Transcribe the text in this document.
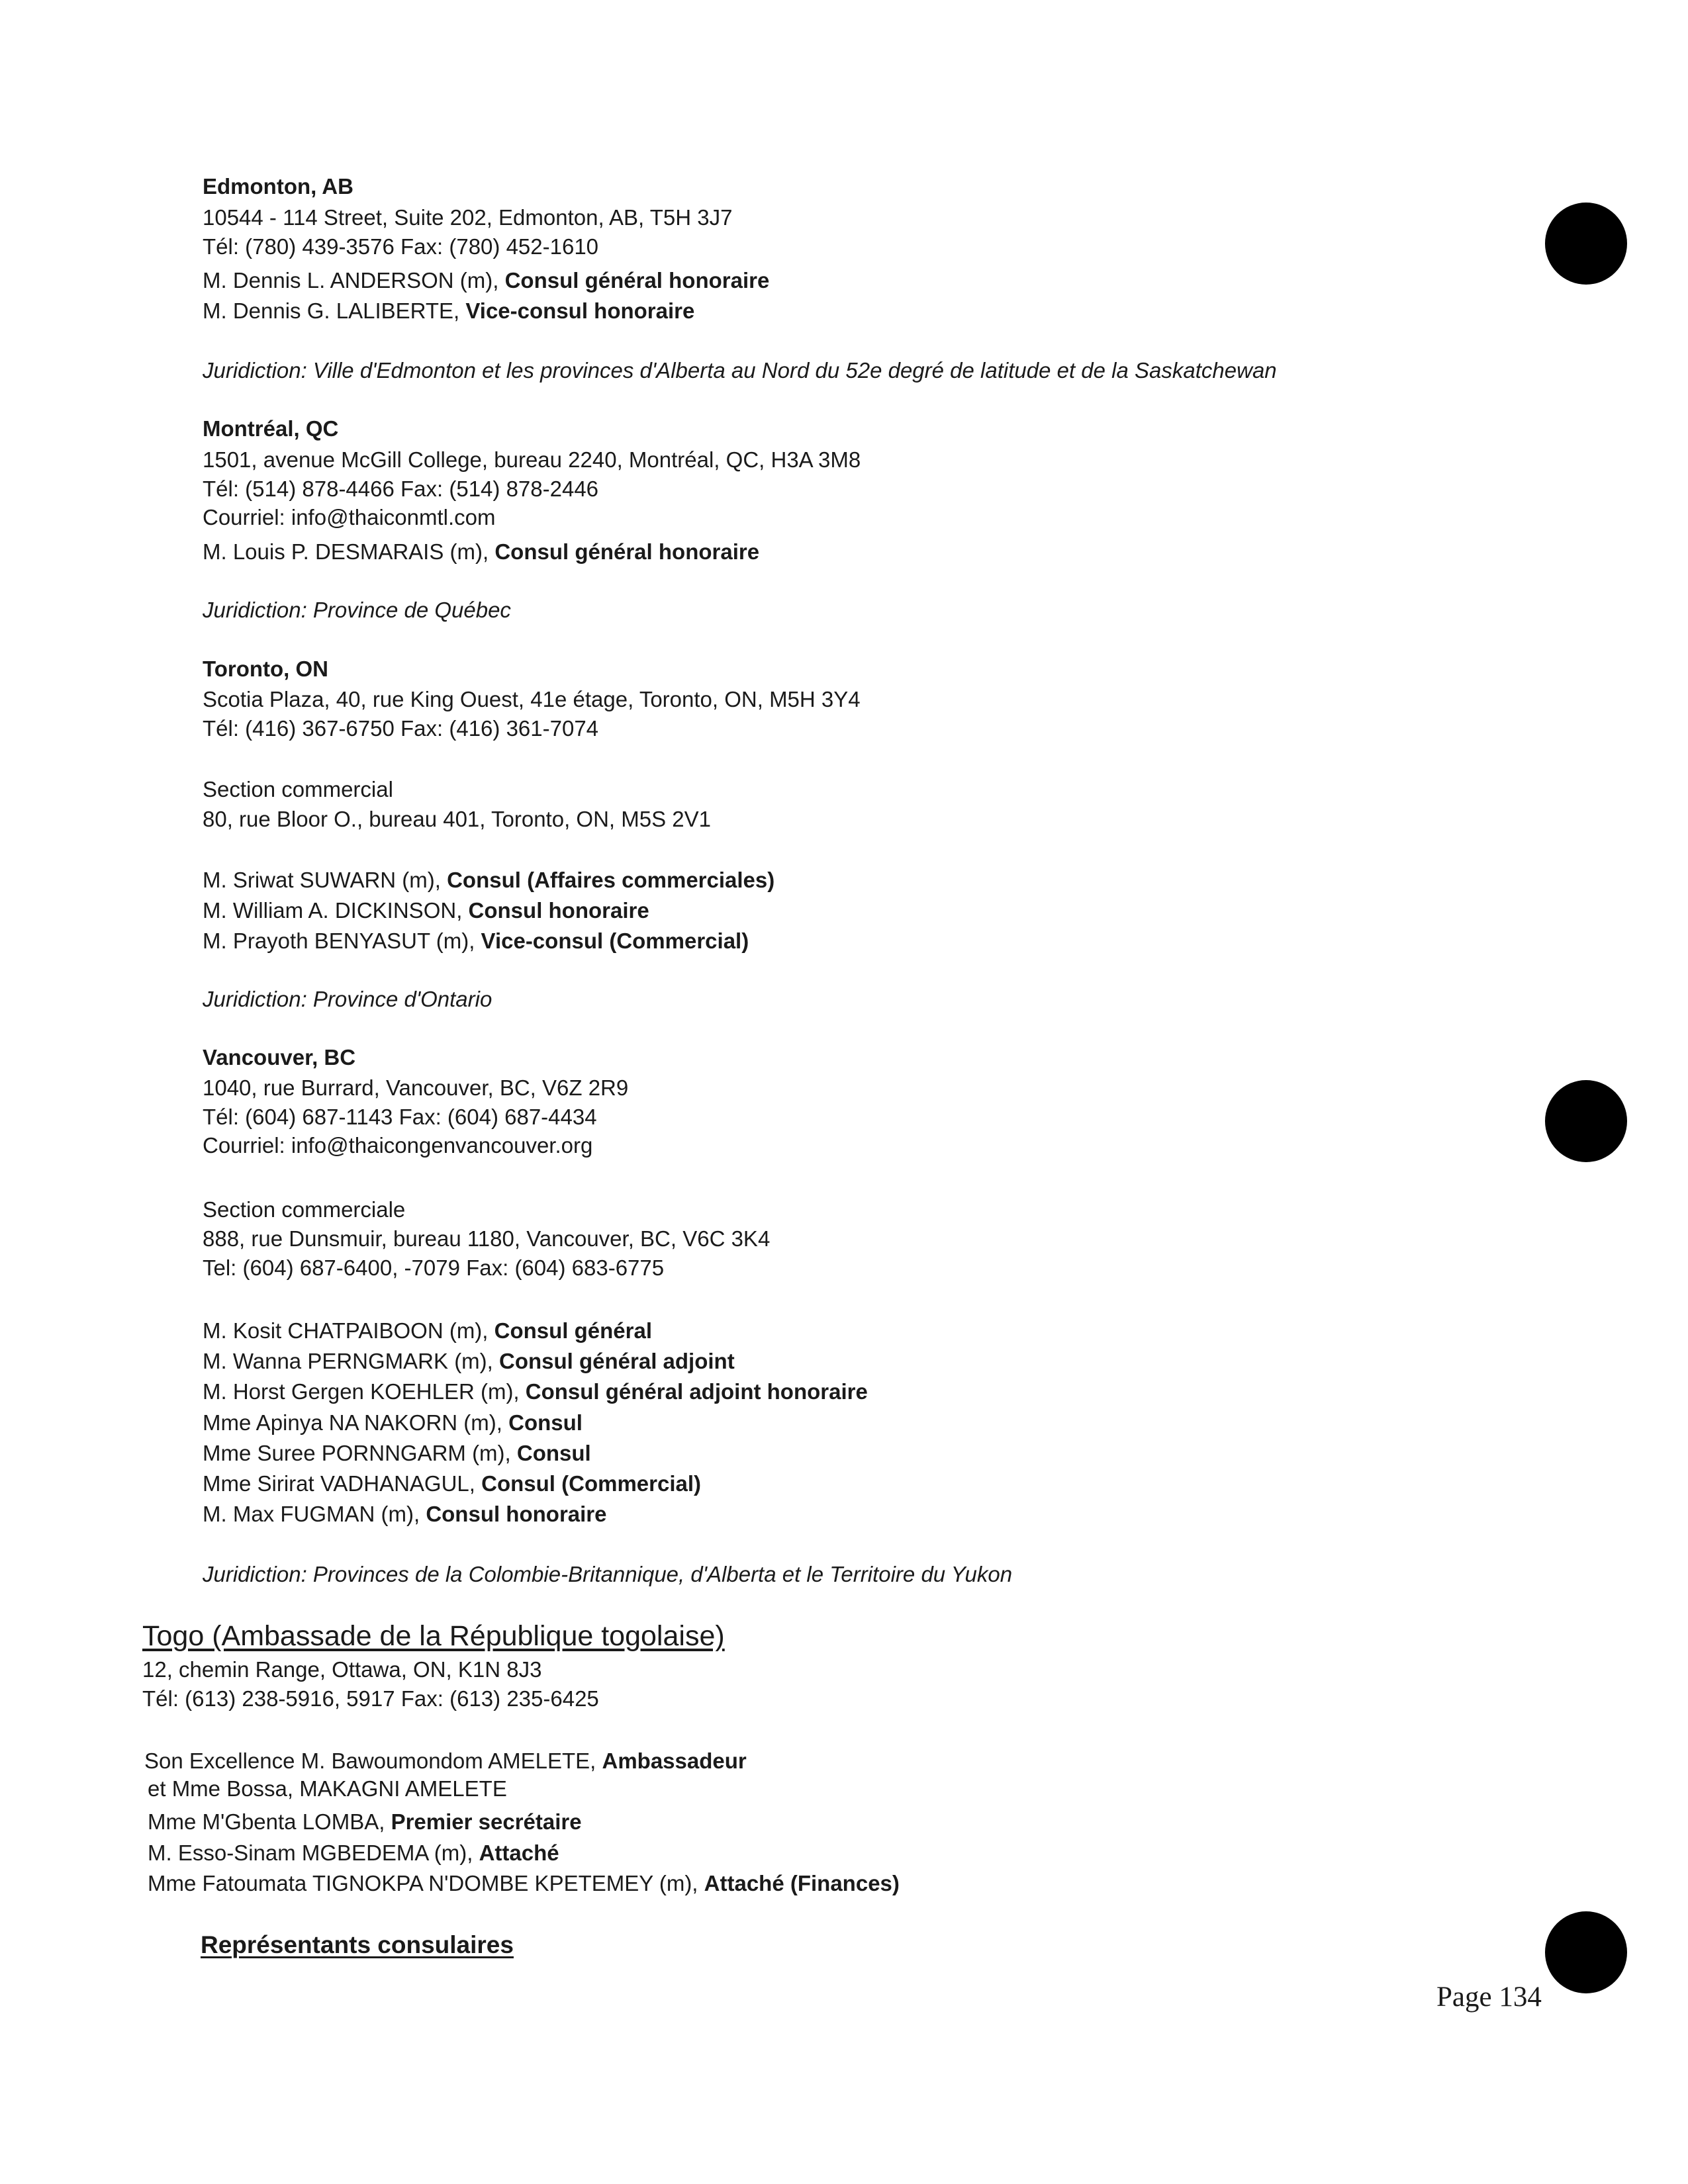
Edmonton, AB
10544 - 114 Street, Suite 202, Edmonton, AB, T5H 3J7
Tél: (780) 439-3576 Fax: (780) 452-1610
M. Dennis L. ANDERSON (m), Consul général honoraire
M. Dennis G. LALIBERTE, Vice-consul honoraire
Juridiction: Ville d'Edmonton et les provinces d'Alberta au Nord du 52e degré de latitude et de la Saskatchewan
Montréal, QC
1501, avenue McGill College, bureau 2240, Montréal, QC, H3A 3M8
Tél: (514) 878-4466 Fax: (514) 878-2446
Courriel: info@thaiconmtl.com
M. Louis P. DESMARAIS (m), Consul général honoraire
Juridiction: Province de Québec
Toronto, ON
Scotia Plaza, 40, rue King Ouest, 41e étage, Toronto, ON, M5H 3Y4
Tél: (416) 367-6750 Fax: (416) 361-7074
Section commercial
80, rue Bloor O., bureau 401, Toronto, ON, M5S 2V1
M. Sriwat SUWARN (m), Consul (Affaires commerciales)
M. William A. DICKINSON, Consul honoraire
M. Prayoth BENYASUT (m), Vice-consul (Commercial)
Juridiction: Province d'Ontario
Vancouver, BC
1040, rue Burrard, Vancouver, BC, V6Z 2R9
Tél: (604) 687-1143 Fax: (604) 687-4434
Courriel: info@thaicongenvancouver.org
Section commerciale
888, rue Dunsmuir, bureau 1180, Vancouver, BC, V6C 3K4
Tel: (604) 687-6400, -7079 Fax: (604) 683-6775
M. Kosit CHATPAIBOON (m), Consul général
M. Wanna PERNGMARK (m), Consul général adjoint
M. Horst Gergen KOEHLER (m), Consul général adjoint honoraire
Mme Apinya NA NAKORN (m), Consul
Mme Suree PORNNGARM (m), Consul
Mme Sirirat VADHANAGUL, Consul (Commercial)
M. Max FUGMAN (m), Consul honoraire
Juridiction: Provinces de la Colombie-Britannique, d'Alberta et le Territoire du Yukon
Togo (Ambassade de la République togolaise)
12, chemin Range, Ottawa, ON, K1N 8J3
Tél: (613) 238-5916, 5917 Fax: (613) 235-6425
Son Excellence M. Bawoumondom AMELETE, Ambassadeur
et Mme Bossa, MAKAGNI AMELETE
Mme M'Gbenta LOMBA, Premier secrétaire
M. Esso-Sinam MGBEDEMA (m), Attaché
Mme Fatoumata TIGNOKPA N'DOMBE KPETEMEY (m), Attaché (Finances)
Représentants consulaires
Page 134
